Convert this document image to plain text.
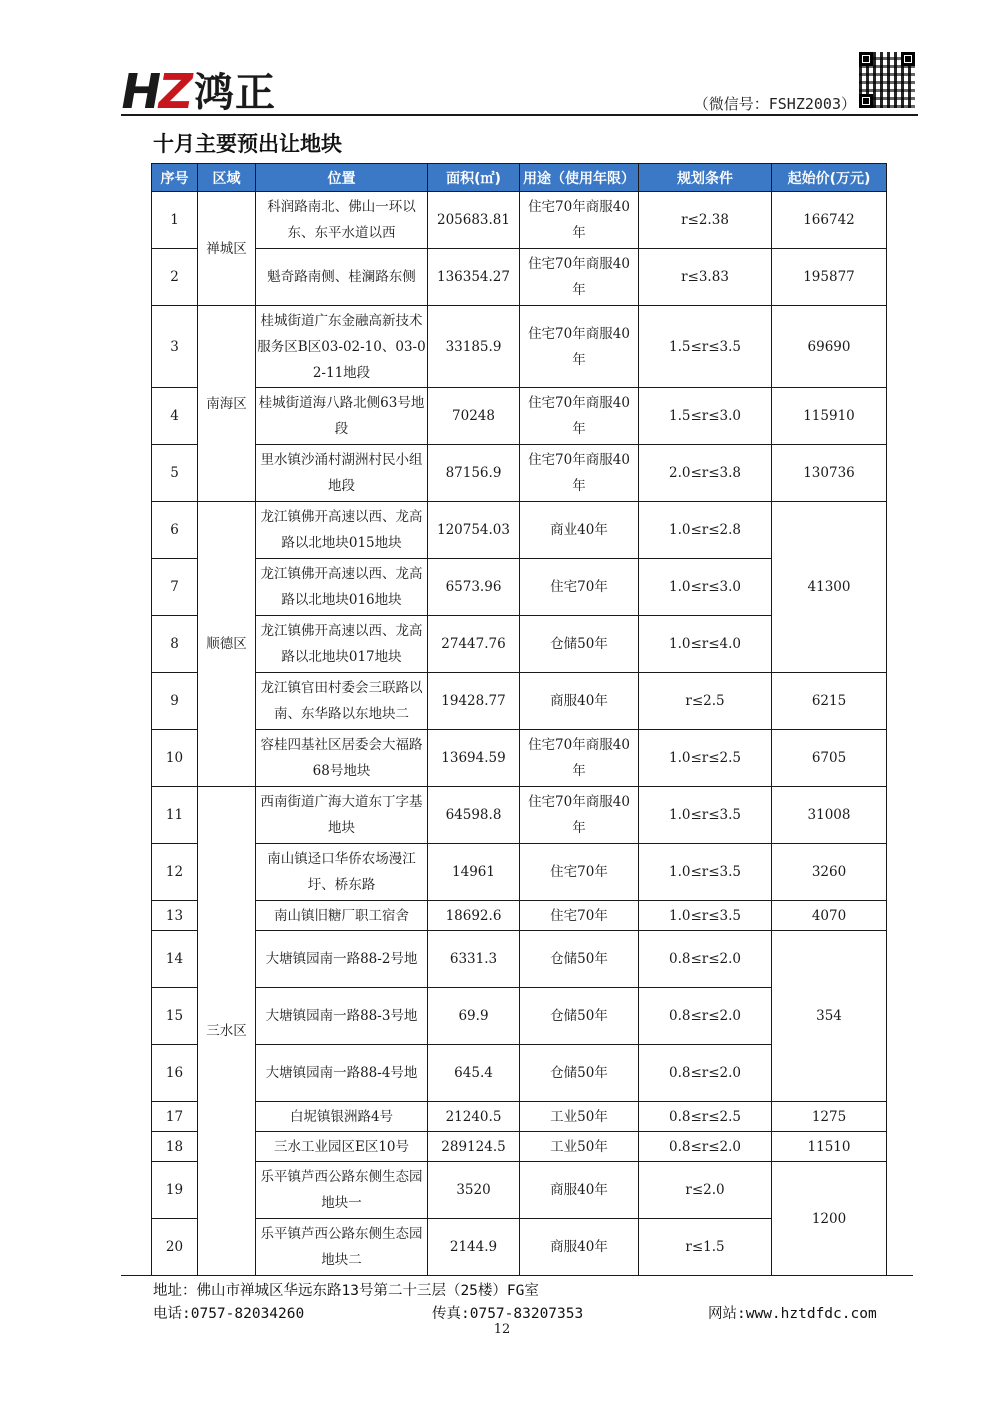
HZ 鸿正	（微信号：FSHZ2003）
十月主要预出让地块
序号	区域	位置	面积(㎡)	用途（使用年限）	规划条件	起始价(万元)
1	禅城区	科润路南北、佛山一环以东、东平水道以西	205683.81	住宅70年商服40年	r≤2.38	166742
2		魁奇路南侧、桂澜路东侧	136354.27	住宅70年商服40年	r≤3.83	195877
3	南海区	桂城街道广东金融高新技术服务区B区03-02-10、03-02-11地段	33185.9	住宅70年商服40年	1.5≤r≤3.5	69690
4		桂城街道海八路北侧63号地段	70248	住宅70年商服40年	1.5≤r≤3.0	115910
5		里水镇沙涌村湖洲村民小组地段	87156.9	住宅70年商服40年	2.0≤r≤3.8	130736
6	顺德区	龙江镇佛开高速以西、龙高路以北地块015地块	120754.03	商业40年	1.0≤r≤2.8	41300
7		龙江镇佛开高速以西、龙高路以北地块016地块	6573.96	住宅70年	1.0≤r≤3.0	
8		龙江镇佛开高速以西、龙高路以北地块017地块	27447.76	仓储50年	1.0≤r≤4.0	
9		龙江镇官田村委会三联路以南、东华路以东地块二	19428.77	商服40年	r≤2.5	6215
10		容桂四基社区居委会大福路68号地块	13694.59	住宅70年商服40年	1.0≤r≤2.5	6705
11	三水区	西南街道广海大道东丁字基地块	64598.8	住宅70年商服40年	1.0≤r≤3.5	31008
12		南山镇迳口华侨农场漫江圩、桥东路	14961	住宅70年	1.0≤r≤3.5	3260
13		南山镇旧糖厂职工宿舍	18692.6	住宅70年	1.0≤r≤3.5	4070
14		大塘镇园南一路88-2号地	6331.3	仓储50年	0.8≤r≤2.0	354
15		大塘镇园南一路88-3号地	69.9	仓储50年	0.8≤r≤2.0	
16		大塘镇园南一路88-4号地	645.4	仓储50年	0.8≤r≤2.0	
17		白坭镇银洲路4号	21240.5	工业50年	0.8≤r≤2.5	1275
18		三水工业园区E区10号	289124.5	工业50年	0.8≤r≤2.0	11510
19		乐平镇芦西公路东侧生态园地块一	3520	商服40年	r≤2.0	1200
20		乐平镇芦西公路东侧生态园地块二	2144.9	商服40年	r≤1.5	
地址：佛山市禅城区华远东路13号第二十三层（25楼）FG室
电话:0757-82034260	传真:0757-83207353	网站:www.hztdfdc.com
12
